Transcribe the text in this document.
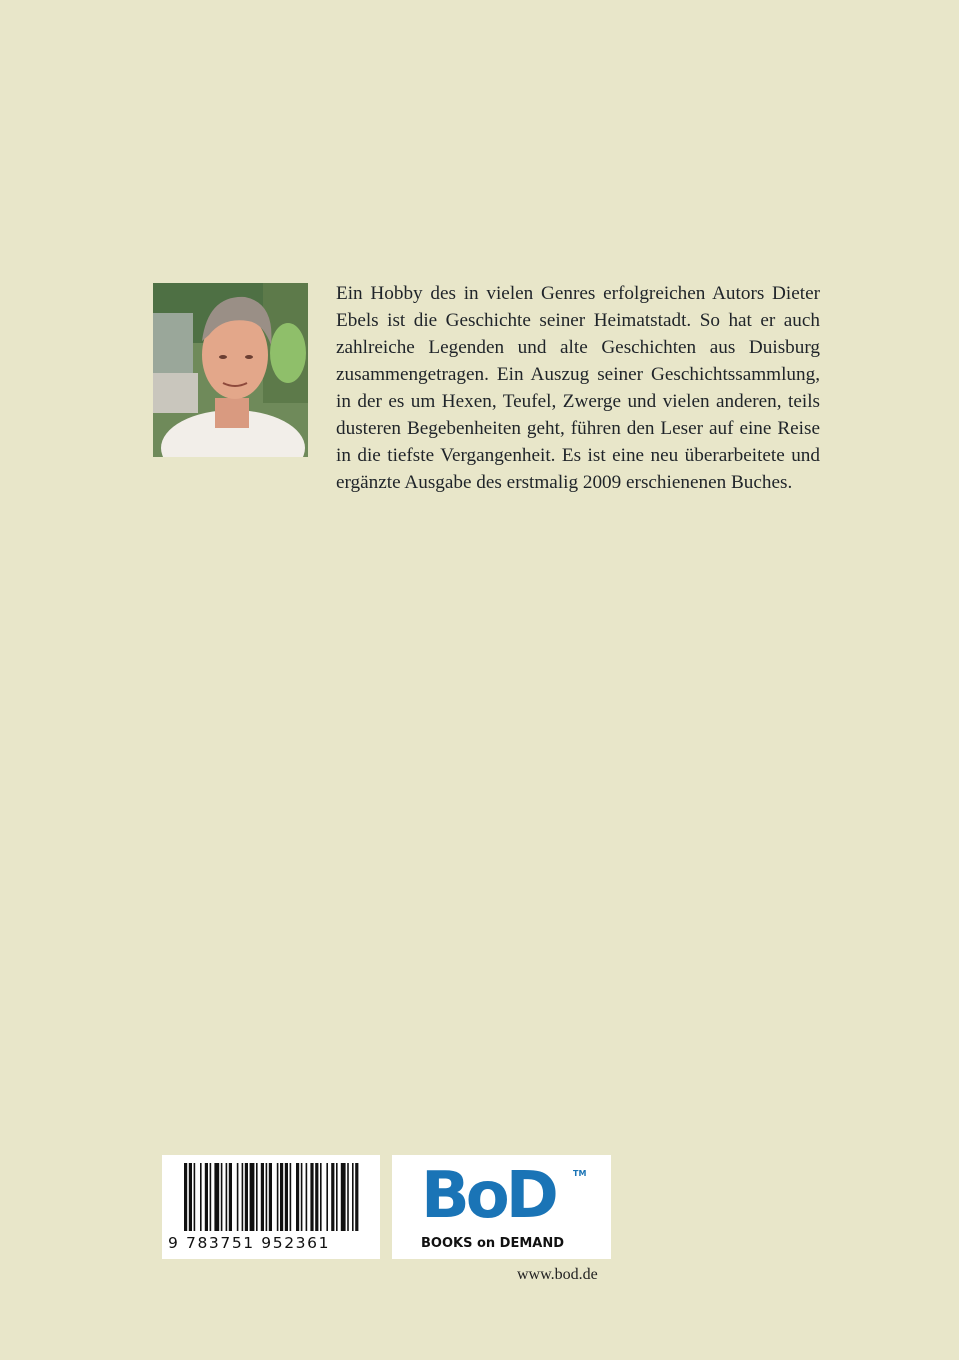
Ein Hobby des in vielen Genres erfolgreichen Autors Dieter Ebels ist die Geschichte seiner Heimatstadt. So hat er auch zahlreiche Legenden und alte Geschichten aus Duisburg zusammengetragen. Ein Auszug seiner Geschichtssammlung, in der es um Hexen, Teufel, Zwerge und vielen anderen, teils dusteren Begebenheiten geht, führen den Leser auf eine Reise in die tiefste Vergangenheit. Es ist eine neu überarbeitete und ergänzte Ausgabe des erstmalig 2009 erschienenen Buches.

9 783751 952361
BoD TM
BOOKS on DEMAND
www.bod.de
